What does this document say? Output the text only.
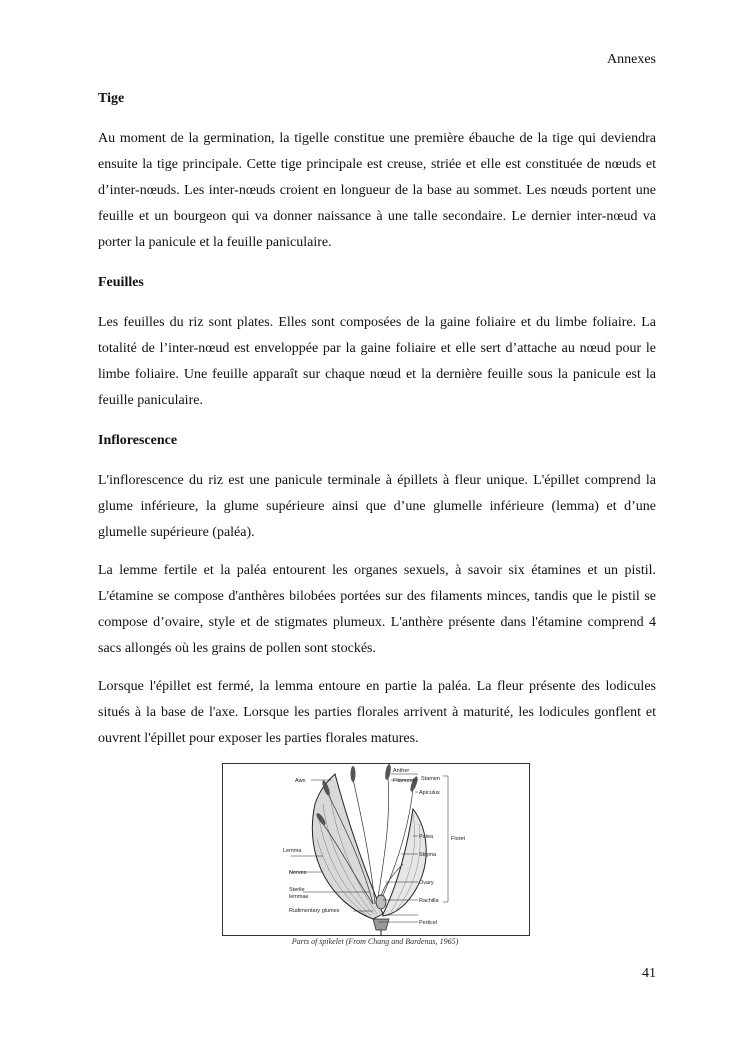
Annexes
Tige

Au moment de la germination, la tigelle constitue une première ébauche de la tige qui deviendra ensuite la tige principale. Cette tige principale est creuse, striée et elle est constituée de nœuds et d’inter-nœuds. Les inter-nœuds croient en longueur de la base au sommet. Les nœuds portent une feuille et un bourgeon qui va donner naissance à une talle secondaire. Le dernier inter-nœud va porter la panicule et la feuille paniculaire.

Feuilles

Les feuilles du riz sont plates. Elles sont composées de la gaine foliaire et du limbe foliaire. La totalité de l’inter-nœud est enveloppée par la gaine foliaire et elle sert d’attache au nœud pour le limbe foliaire. Une feuille apparaît sur chaque nœud et la dernière feuille sous la panicule est la feuille paniculaire.

Inflorescence

L'inflorescence du riz est une panicule terminale à épillets à fleur unique. L'épillet comprend la glume inférieure, la glume supérieure ainsi que d’une glumelle inférieure (lemma) et d’une glumelle supérieure (paléa).

La lemme fertile et la paléa entourent les organes sexuels, à savoir six étamines et un pistil. L'étamine se compose d'anthères bilobées portées sur des filaments minces, tandis que le pistil se compose d’ovaire, style et de stigmates plumeux. L'anthère présente dans l'étamine comprend 4 sacs allongés où les grains de pollen sont stockés.

Lorsque l'épillet est fermé, la lemma entoure en partie la paléa. La fleur présente des lodicules situés à la base de l'axe. Lorsque les parties florales arrivent à maturité, les lodicules gonflent et ouvrent l'épillet pour exposer les parties florales matures.

Awn
Anther
Filament Stamen
Apiculus
Palea	Floret
Lemma
Stigma
Nerves
Ovary
Sterile
lemmae
Rachilla
Rudimentary glumes
Pedicel
Parts of spikelet (From Chang and Bardenas, 1965)
41
